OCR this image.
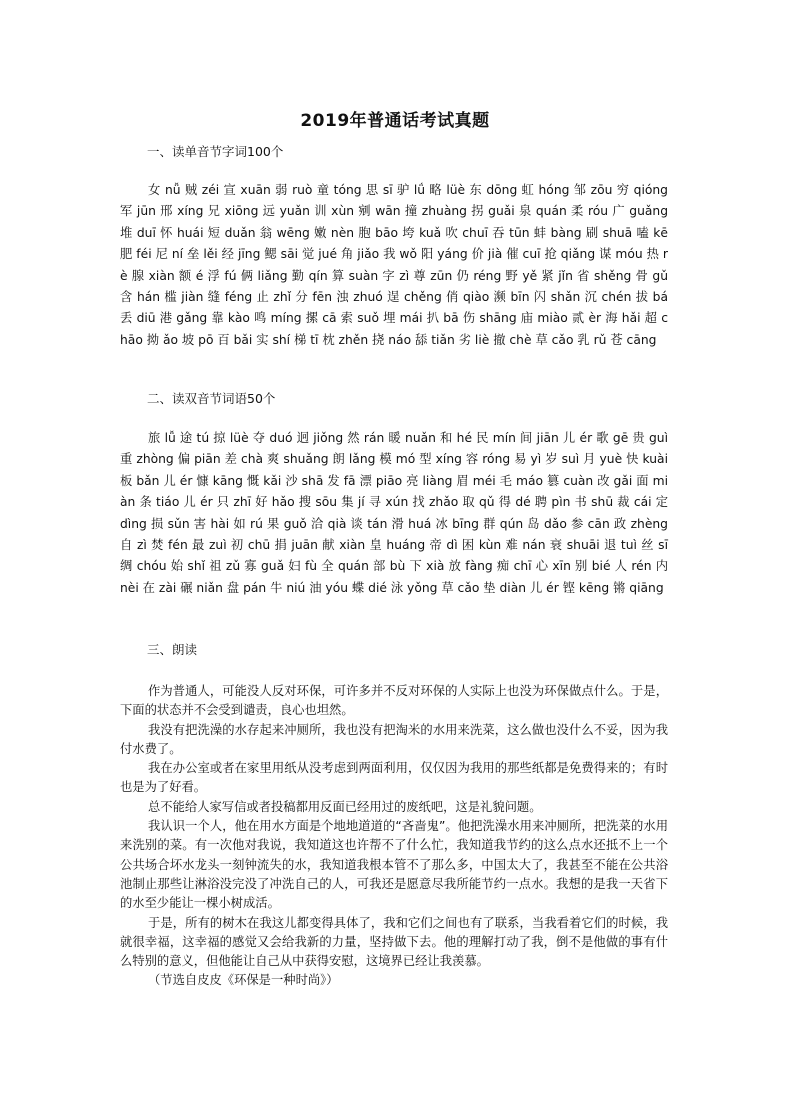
2019年普通话考试真题
一、读单音节字词100个
女 nǚ 贼 zéi 宣 xuān 弱 ruò 童 tóng 思 sī 驴 lǘ 略 lüè 东 dōng 虹 hóng 邹 zōu 穷 qióng 军 jūn 邢 xíng 兄 xiōng 远 yuǎn 训 xùn 剜 wān 撞 zhuàng 拐 guǎi 泉 quán 柔 róu 广 guǎng 堆 duī 怀 huái 短 duǎn 翁 wēng 嫩 nèn 胞 bāo 垮 kuǎ 吹 chuī 吞 tūn 蚌 bàng 刷 shuā 嗑 kē 肥 féi 尼 ní 垒 lěi 经 jīng 鳃 sāi 觉 jué 角 jiǎo 我 wǒ 阳 yáng 价 jià 催 cuī 抢 qiǎng 谋 móu 热 rè 腺 xiàn 额 é 浮 fú 俩 liǎng 勤 qín 算 suàn 字 zì 尊 zūn 仍 réng 野 yě 紧 jǐn 省 shěng 骨 gǔ 含 hán 槛 jiàn 缝 féng 止 zhǐ 分 fēn 浊 zhuó 逞 chěng 俏 qiào 濒 bīn 闪 shǎn 沉 chén 拔 bá 丢 diū 港 gǎng 靠 kào 鸣 míng 摞 cā 索 suǒ 埋 mái 扒 bā 伤 shāng 庙 miào 贰 èr 海 hǎi 超 chāo 拗 ǎo 坡 pō 百 bǎi 实 shí 梯 tī 枕 zhěn 挠 náo 舔 tiǎn 劣 liè 撤 chè 草 cǎo 乳 rǔ 苍 cāng
二、读双音节词语50个
旅 lǚ 途 tú 掠 lüè 夺 duó 迥 jiǒng 然 rán 暖 nuǎn 和 hé 民 mín 间 jiān 儿 ér 歌 gē 贵 guì 重 zhòng 偏 piān 差 chà 爽 shuǎng 朗 lǎng 模 mó 型 xíng 容 róng 易 yì 岁 suì 月 yuè 快 kuài 板 bǎn 儿 ér 慷 kāng 慨 kǎi 沙 shā 发 fā 漂 piāo 亮 liàng 眉 méi 毛 máo 篡 cuàn 改 gǎi 面 miàn 条 tiáo 儿 ér 只 zhī 好 hǎo 搜 sōu 集 jí 寻 xún 找 zhǎo 取 qǔ 得 dé 聘 pìn 书 shū 裁 cái 定 dìng 损 sǔn 害 hài 如 rú 果 guǒ 洽 qià 谈 tán 滑 huá 冰 bīng 群 qún 岛 dǎo 参 cān 政 zhèng 自 zì 焚 fén 最 zuì 初 chū 捐 juān 献 xiàn 皇 huáng 帝 dì 困 kùn 难 nán 衰 shuāi 退 tuì 丝 sī 绸 chóu 始 shǐ 祖 zǔ 寡 guǎ 妇 fù 全 quán 部 bù 下 xià 放 fàng 痴 chī 心 xīn 别 bié 人 rén 内 nèi 在 zài 碾 niǎn 盘 pán 牛 niú 油 yóu 蝶 dié 泳 yǒng 草 cǎo 垫 diàn 儿 ér 铿 kēng 锵 qiāng
三、朗读

作为普通人，可能没人反对环保，可许多并不反对环保的人实际上也没为环保做点什么。于是，下面的状态并不会受到谴责，良心也坦然。

我没有把洗澡的水存起来冲厕所，我也没有把淘米的水用来洗菜，这么做也没什么不妥，因为我付水费了。

我在办公室或者在家里用纸从没考虑到两面利用，仅仅因为我用的那些纸都是免费得来的；有时也是为了好看。

总不能给人家写信或者投稿都用反面已经用过的废纸吧，这是礼貌问题。

我认识一个人，他在用水方面是个地地道道的“吝啬鬼”。他把洗澡水用来冲厕所，把洗菜的水用来洗别的菜。有一次他对我说，我知道这也许帮不了什么忙，我知道我节约的这么点水还抵不上一个公共场合坏水龙头一刻钟流失的水，我知道我根本管不了那么多，中国太大了，我甚至不能在公共浴池制止那些让淋浴没完没了冲洗自己的人，可我还是愿意尽我所能节约一点水。我想的是我一天省下的水至少能让一棵小树成活。

于是，所有的树木在我这儿都变得具体了，我和它们之间也有了联系，当我看着它们的时候，我就很幸福，这幸福的感觉又会给我新的力量，坚持做下去。他的理解打动了我，倒不是他做的事有什么特别的意义，但他能让自己从中获得安慰，这境界已经让我羡慕。

（节选自皮皮《环保是一种时尚》）
